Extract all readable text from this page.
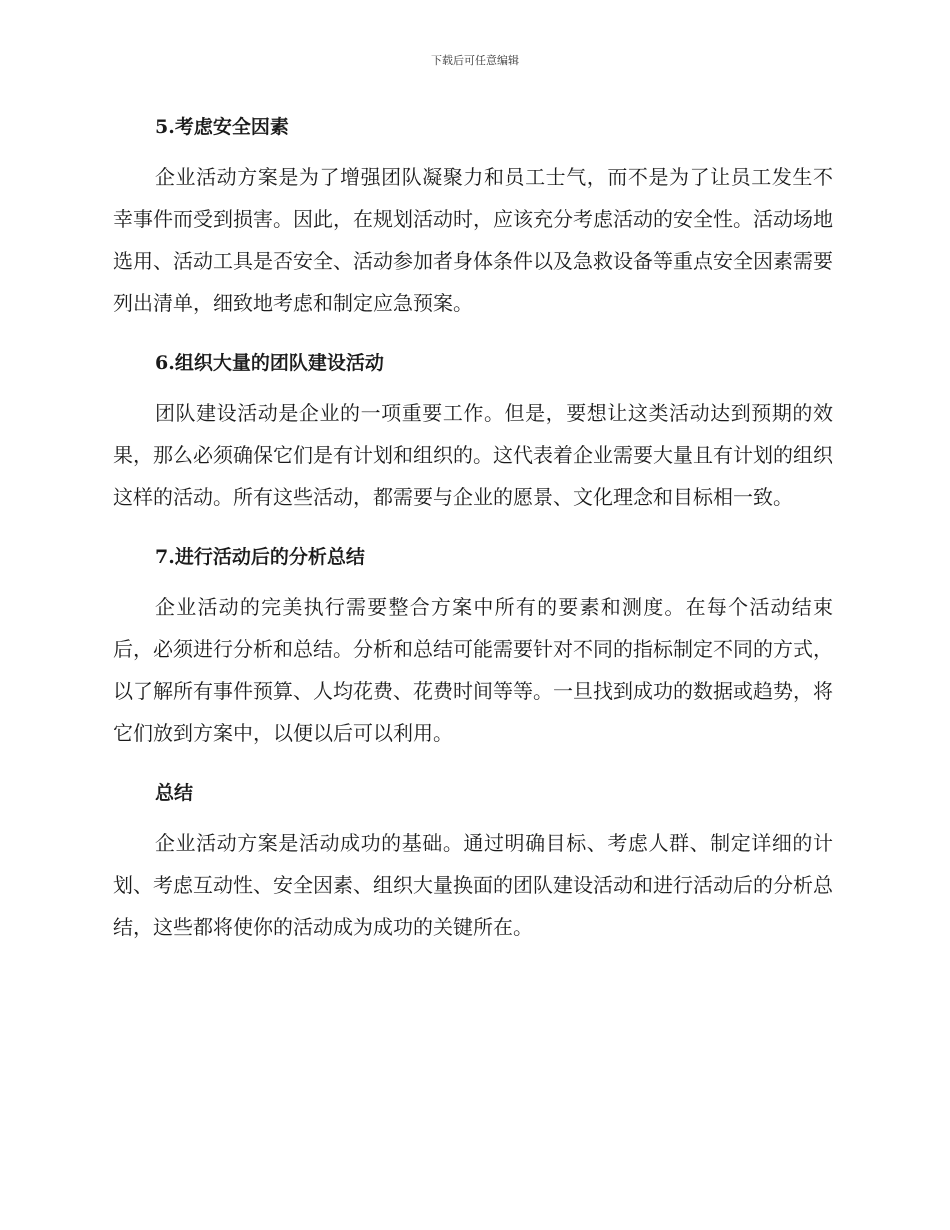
下载后可任意编辑
5.考虑安全因素

企业活动方案是为了增强团队凝聚力和员工士气，而不是为了让员工发生不幸事件而受到损害。因此，在规划活动时，应该充分考虑活动的安全性。活动场地选用、活动工具是否安全、活动参加者身体条件以及急救设备等重点安全因素需要列出清单，细致地考虑和制定应急预案。

6.组织大量的团队建设活动

团队建设活动是企业的一项重要工作。但是，要想让这类活动达到预期的效果，那么必须确保它们是有计划和组织的。这代表着企业需要大量且有计划的组织这样的活动。所有这些活动，都需要与企业的愿景、文化理念和目标相一致。

7.进行活动后的分析总结

企业活动的完美执行需要整合方案中所有的要素和测度。在每个活动结束后，必须进行分析和总结。分析和总结可能需要针对不同的指标制定不同的方式，以了解所有事件预算、人均花费、花费时间等等。一旦找到成功的数据或趋势，将它们放到方案中，以便以后可以利用。

总结

企业活动方案是活动成功的基础。通过明确目标、考虑人群、制定详细的计划、考虑互动性、安全因素、组织大量换面的团队建设活动和进行活动后的分析总结，这些都将使你的活动成为成功的关键所在。
